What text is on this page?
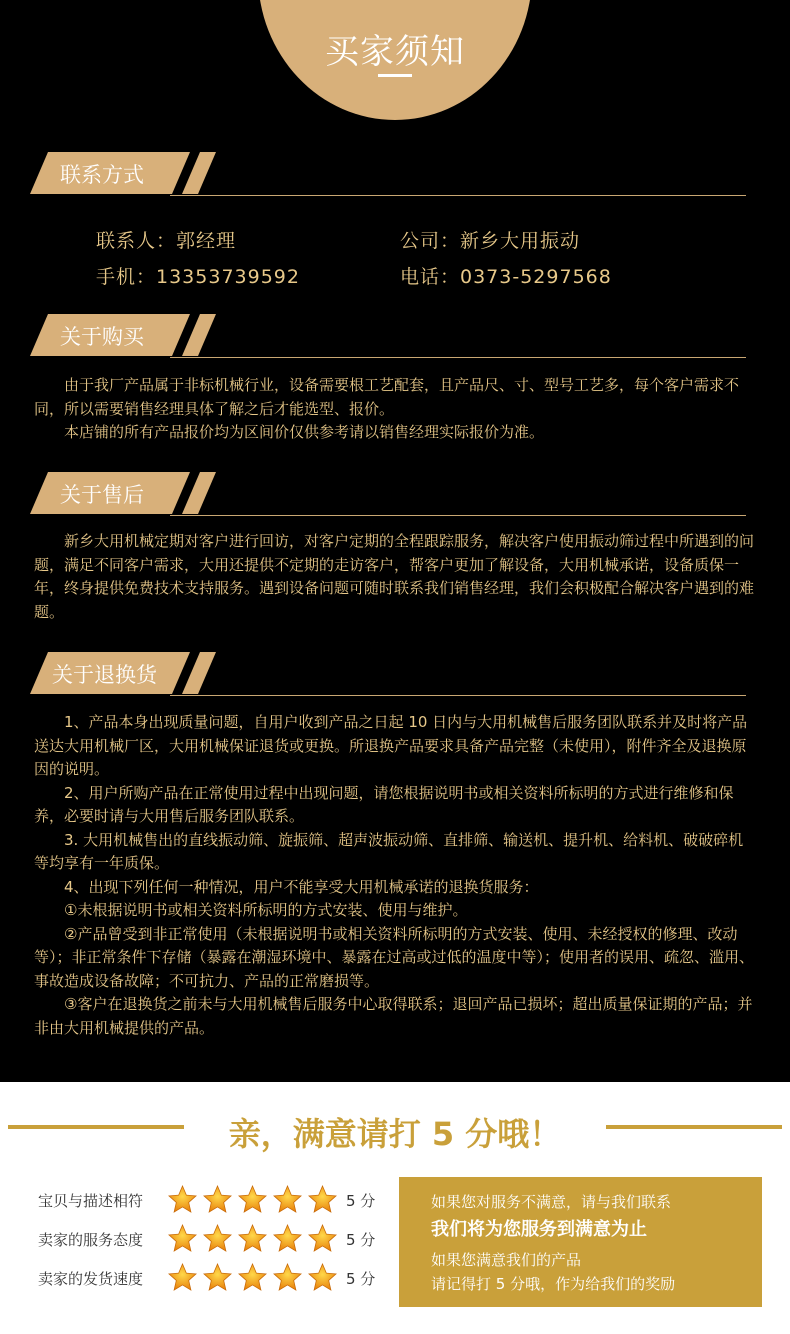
买家须知
联系方式
联系人：郭经理	公司：新乡大用振动
手机：13353739592	电话：0373-5297568
关于购买

由于我厂产品属于非标机械行业，设备需要根工艺配套，且产品尺、寸、型号工艺多，每个客户需求不同，所以需要销售经理具体了解之后才能选型、报价。

本店铺的所有产品报价均为区间价仅供参考请以销售经理实际报价为准。

关于售后

新乡大用机械定期对客户进行回访，对客户定期的全程跟踪服务，解决客户使用振动筛过程中所遇到的问题，满足不同客户需求，大用还提供不定期的走访客户，帮客户更加了解设备，大用机械承诺，设备质保一年，终身提供免费技术支持服务。遇到设备问题可随时联系我们销售经理，我们会积极配合解决客户遇到的难题。

关于退换货

1、产品本身出现质量问题，自用户收到产品之日起 10 日内与大用机械售后服务团队联系并及时将产品送达大用机械厂区，大用机械保证退货或更换。所退换产品要求具备产品完整（未使用），附件齐全及退换原因的说明。

2、用户所购产品在正常使用过程中出现问题，请您根据说明书或相关资料所标明的方式进行维修和保养，必要时请与大用售后服务团队联系。

3. 大用机械售出的直线振动筛、旋振筛、超声波振动筛、直排筛、输送机、提升机、给料机、破破碎机等均享有一年质保。

4、出现下列任何一种情况，用户不能享受大用机械承诺的退换货服务：

①未根据说明书或相关资料所标明的方式安装、使用与维护。

②产品曾受到非正常使用（未根据说明书或相关资料所标明的方式安装、使用、未经授权的修理、改动等）；非正常条件下存储（暴露在潮湿环境中、暴露在过高或过低的温度中等）；使用者的误用、疏忽、滥用、事故造成设备故障；不可抗力、产品的正常磨损等。

③客户在退换货之前未与大用机械售后服务中心取得联系；退回产品已损坏；超出质量保证期的产品；并非由大用机械提供的产品。

亲，满意请打 5 分哦！
宝贝与描述相符	5 分
卖家的服务态度	5 分
卖家的发货速度	5 分
如果您对服务不满意，请与我们联系
我们将为您服务到满意为止
如果您满意我们的产品
请记得打 5 分哦，作为给我们的奖励
